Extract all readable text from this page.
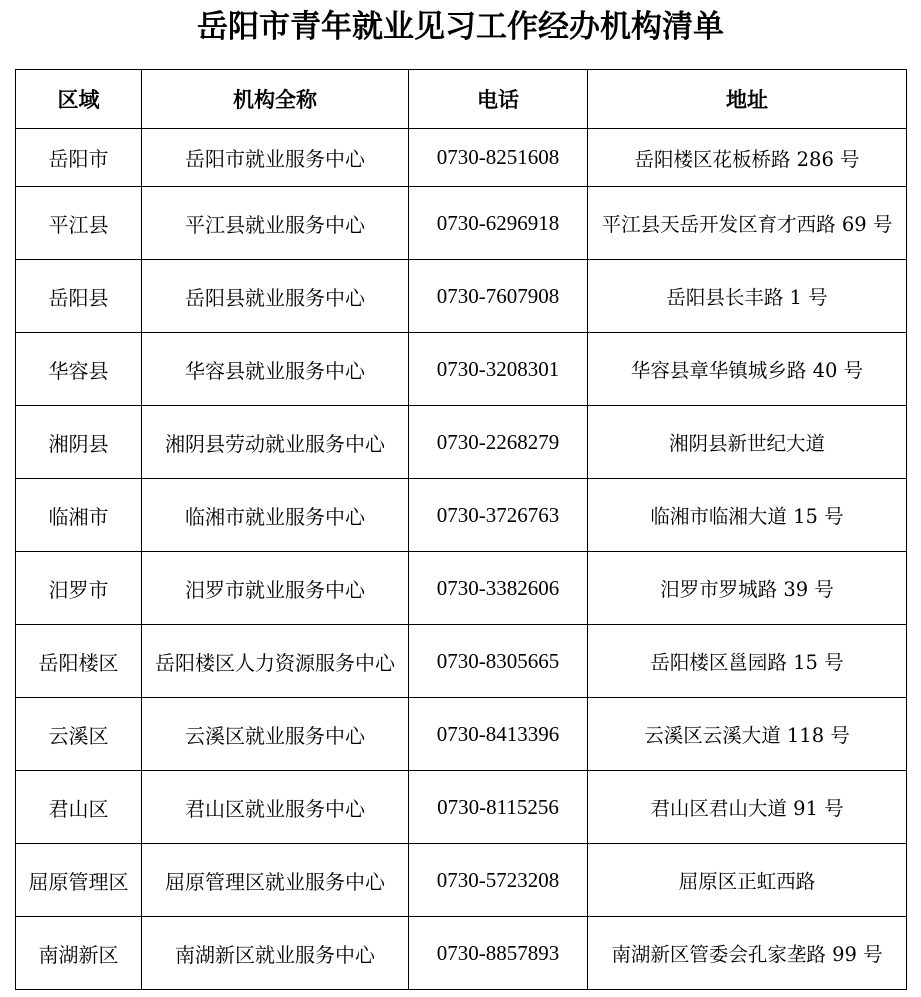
岳阳市青年就业见习工作经办机构清单
区域	机构全称	电话	地址
岳阳市	岳阳市就业服务中心	0730-8251608	岳阳楼区花板桥路 286 号
平江县	平江县就业服务中心	0730-6296918	平江县天岳开发区育才西路 69 号
岳阳县	岳阳县就业服务中心	0730-7607908	岳阳县长丰路 1 号
华容县	华容县就业服务中心	0730-3208301	华容县章华镇城乡路 40 号
湘阴县	湘阴县劳动就业服务中心	0730-2268279	湘阴县新世纪大道
临湘市	临湘市就业服务中心	0730-3726763	临湘市临湘大道 15 号
汨罗市	汨罗市就业服务中心	0730-3382606	汨罗市罗城路 39 号
岳阳楼区	岳阳楼区人力资源服务中心	0730-8305665	岳阳楼区邕园路 15 号
云溪区	云溪区就业服务中心	0730-8413396	云溪区云溪大道 118 号
君山区	君山区就业服务中心	0730-8115256	君山区君山大道 91 号
屈原管理区	屈原管理区就业服务中心	0730-5723208	屈原区正虹西路
南湖新区	南湖新区就业服务中心	0730-8857893	南湖新区管委会孔家垄路 99 号
